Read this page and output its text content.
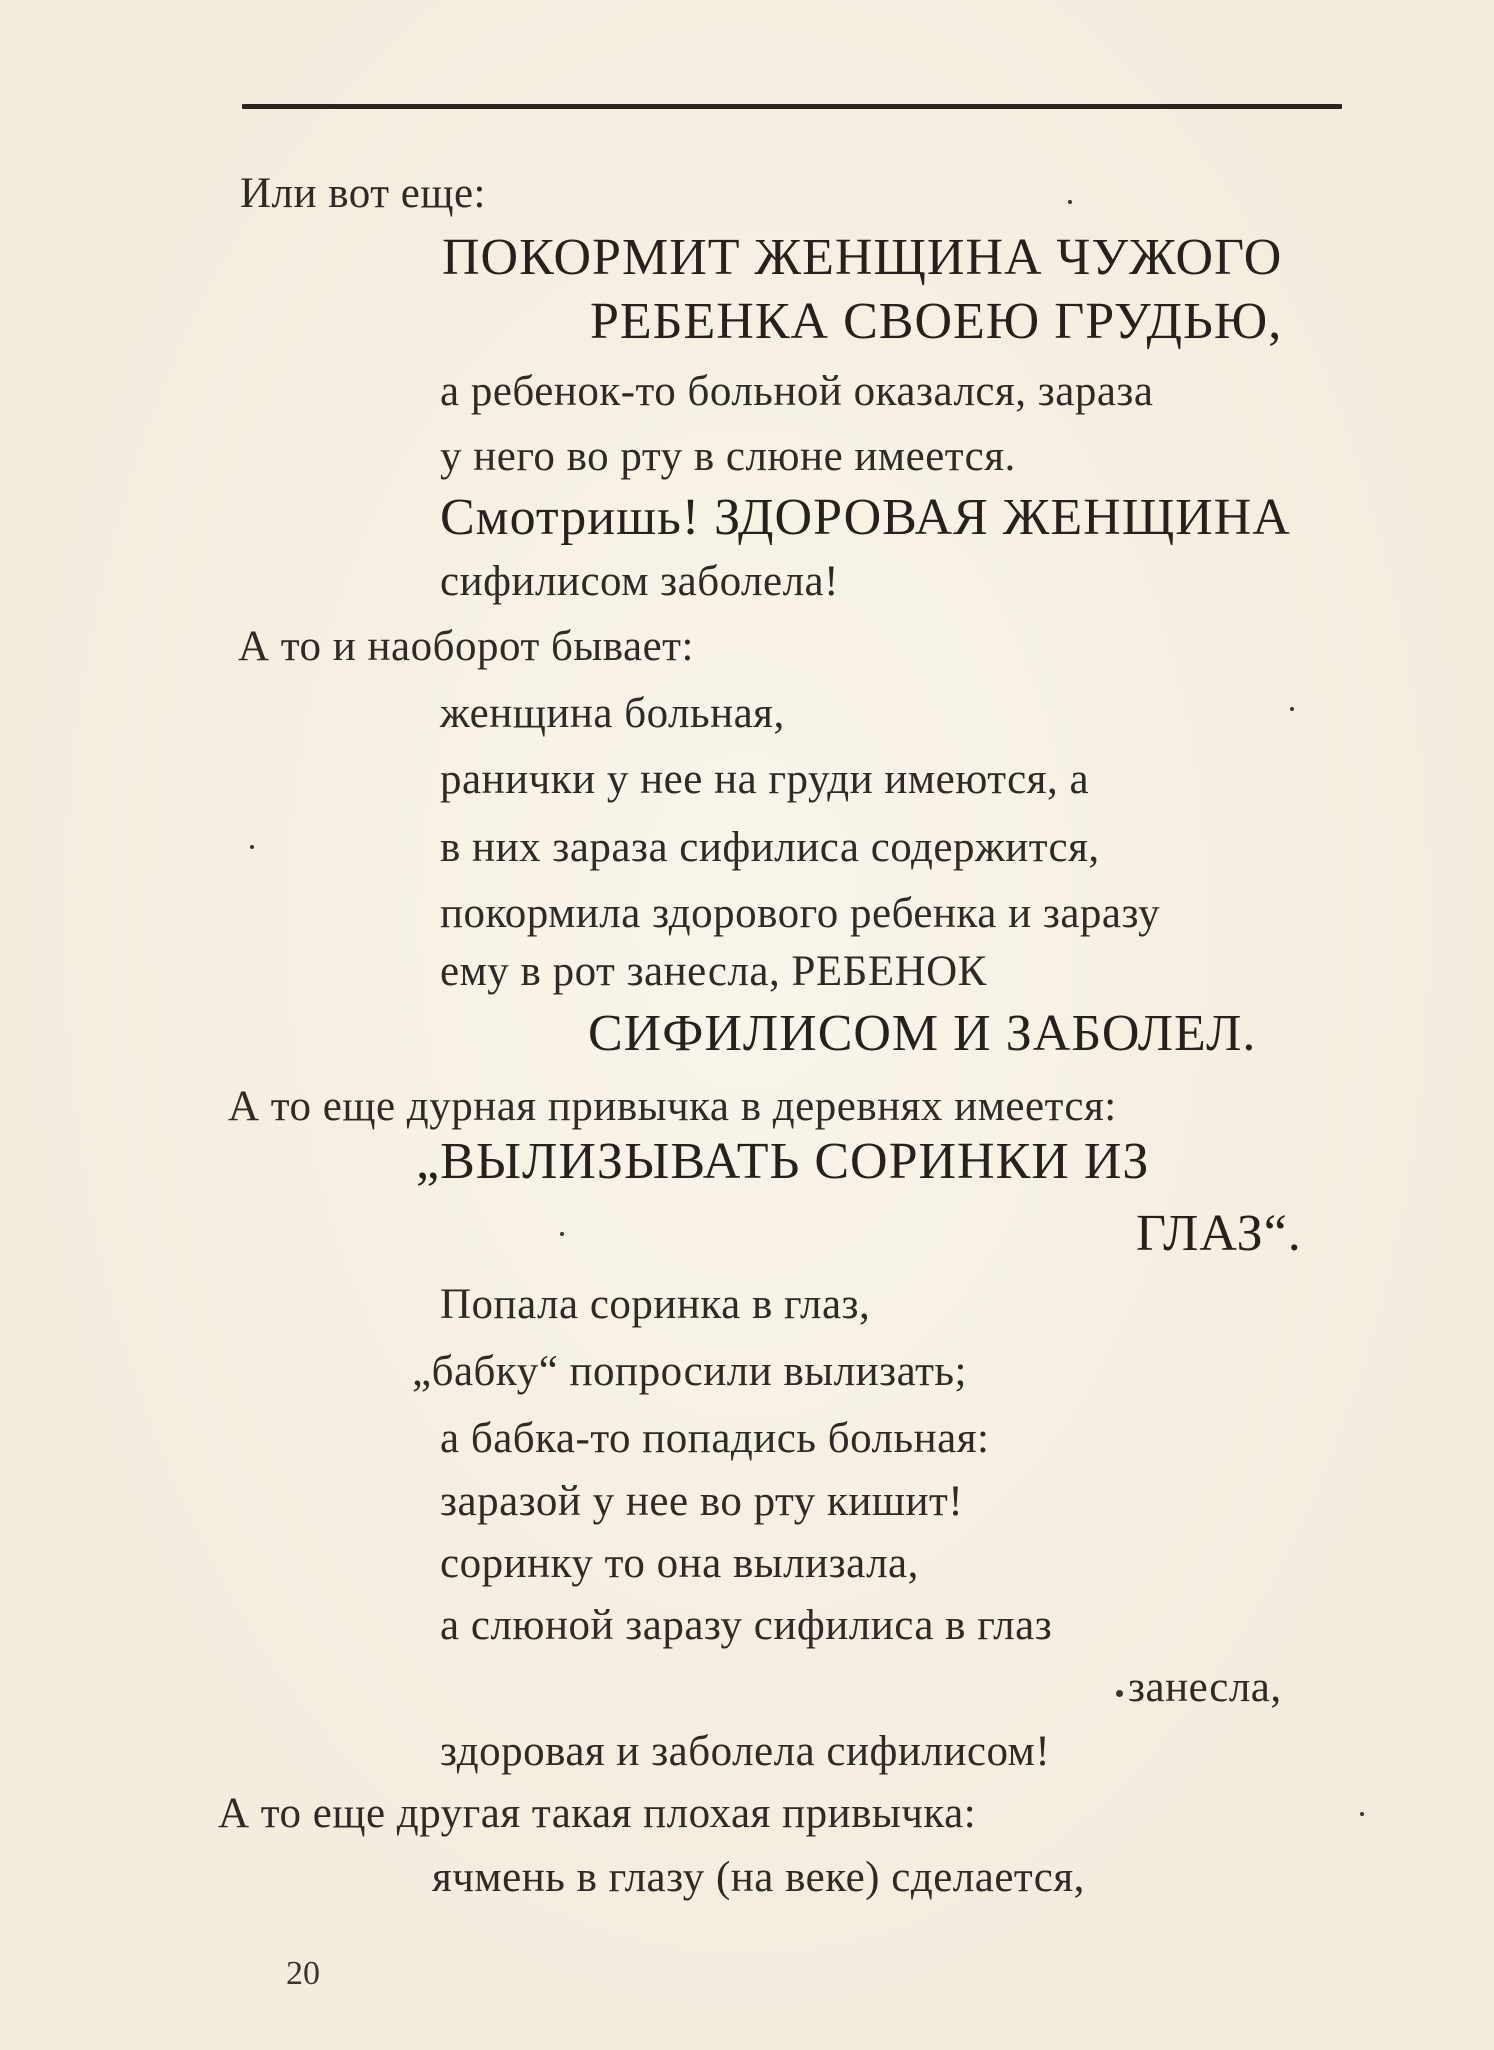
Или вот еще:
ПОКОРМИТ ЖЕНЩИНА ЧУЖОГО
РЕБЕНКА СВОЕЮ ГРУДЬЮ,
а ребенок-то больной оказался, зараза
у него во рту в слюне имеется.
Смотришь! ЗДОРОВАЯ ЖЕНЩИНА
сифилисом заболела!
А то и наоборот бывает:
женщина больная,
ранички у нее на груди имеются, а
в них зараза сифилиса содержится,
покормила здорового ребенка и заразу
ему в рот занесла, РЕБЕНОК
СИФИЛИСОМ И ЗАБОЛЕЛ.
А то еще дурная привычка в деревнях имеется:
„ВЫЛИЗЫВАТЬ СОРИНКИ ИЗ
ГЛАЗ“.
Попала соринка в глаз,
„бабку“ попросили вылизать;
а бабка-то попадись больная:
заразой у нее во рту кишит!
соринку то она вылизала,
а слюной заразу сифилиса в глаз
занесла,
здоровая и заболела сифилисом!
А то еще другая такая плохая привычка:
ячмень в глазу (на веке) сделается,
20
